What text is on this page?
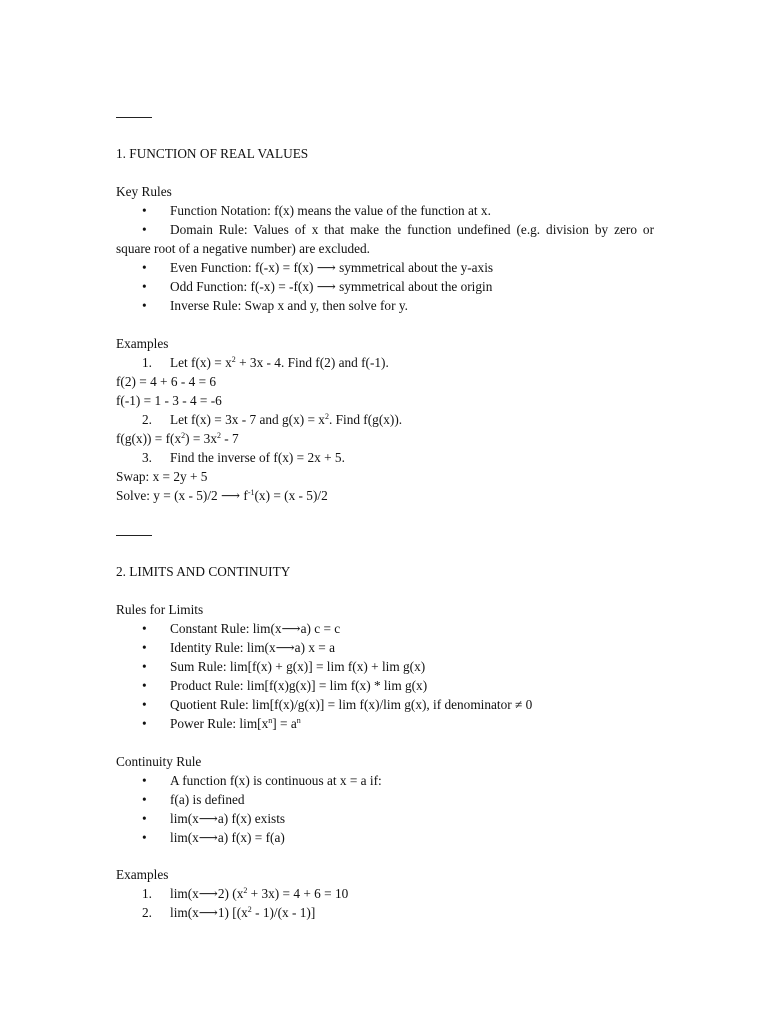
1. FUNCTION OF REAL VALUES
Key Rules
• Function Notation: f(x) means the value of the function at x.
• Domain Rule: Values of x that make the function undefined (e.g. division by zero or
square root of a negative number) are excluded.
• Even Function: f(-x) = f(x) ⟶ symmetrical about the y-axis
• Odd Function: f(-x) = -f(x) ⟶ symmetrical about the origin
• Inverse Rule: Swap x and y, then solve for y.
Examples
1. Let $f(x) = x^2 + 3x - 4$. Find f(2) and f(-1).
f(2) = 4 + 6 - 4 = 6
f(-1) = 1 - 3 - 4 = -6
2. Let f(x) = 3x - 7 and $g(x) = x^2$. Find f(g(x)).
$f(g(x)) = f(x^2) = 3x^2 - 7$
3. Find the inverse of f(x) = 2x + 5.
Swap: x = 2y + 5
Solve: y = (x - 5)/2 ⟶ $f^{-1}(x) = (x - 5)/2$
2. LIMITS AND CONTINUITY
Rules for Limits
• Constant Rule: lim(x⟶a) c = c
• Identity Rule: lim(x⟶a) x = a
• Sum Rule: lim[f(x) + g(x)] = lim f(x) + lim g(x)
• Product Rule: lim[f(x)g(x)] = lim f(x) * lim g(x)
• Quotient Rule: lim[f(x)/g(x)] = lim f(x)/lim g(x), if denominator ≠ 0
• Power Rule: $\lim[x^n] = a^n$
Continuity Rule
• A function f(x) is continuous at x = a if:
• f(a) is defined
• lim(x⟶a) f(x) exists
• lim(x⟶a) f(x) = f(a)
Examples
1. lim(x⟶2) $(x^2 + 3x) = 4 + 6 = 10$
2. lim(x⟶1) $[(x^2 - 1)/(x - 1)]$
